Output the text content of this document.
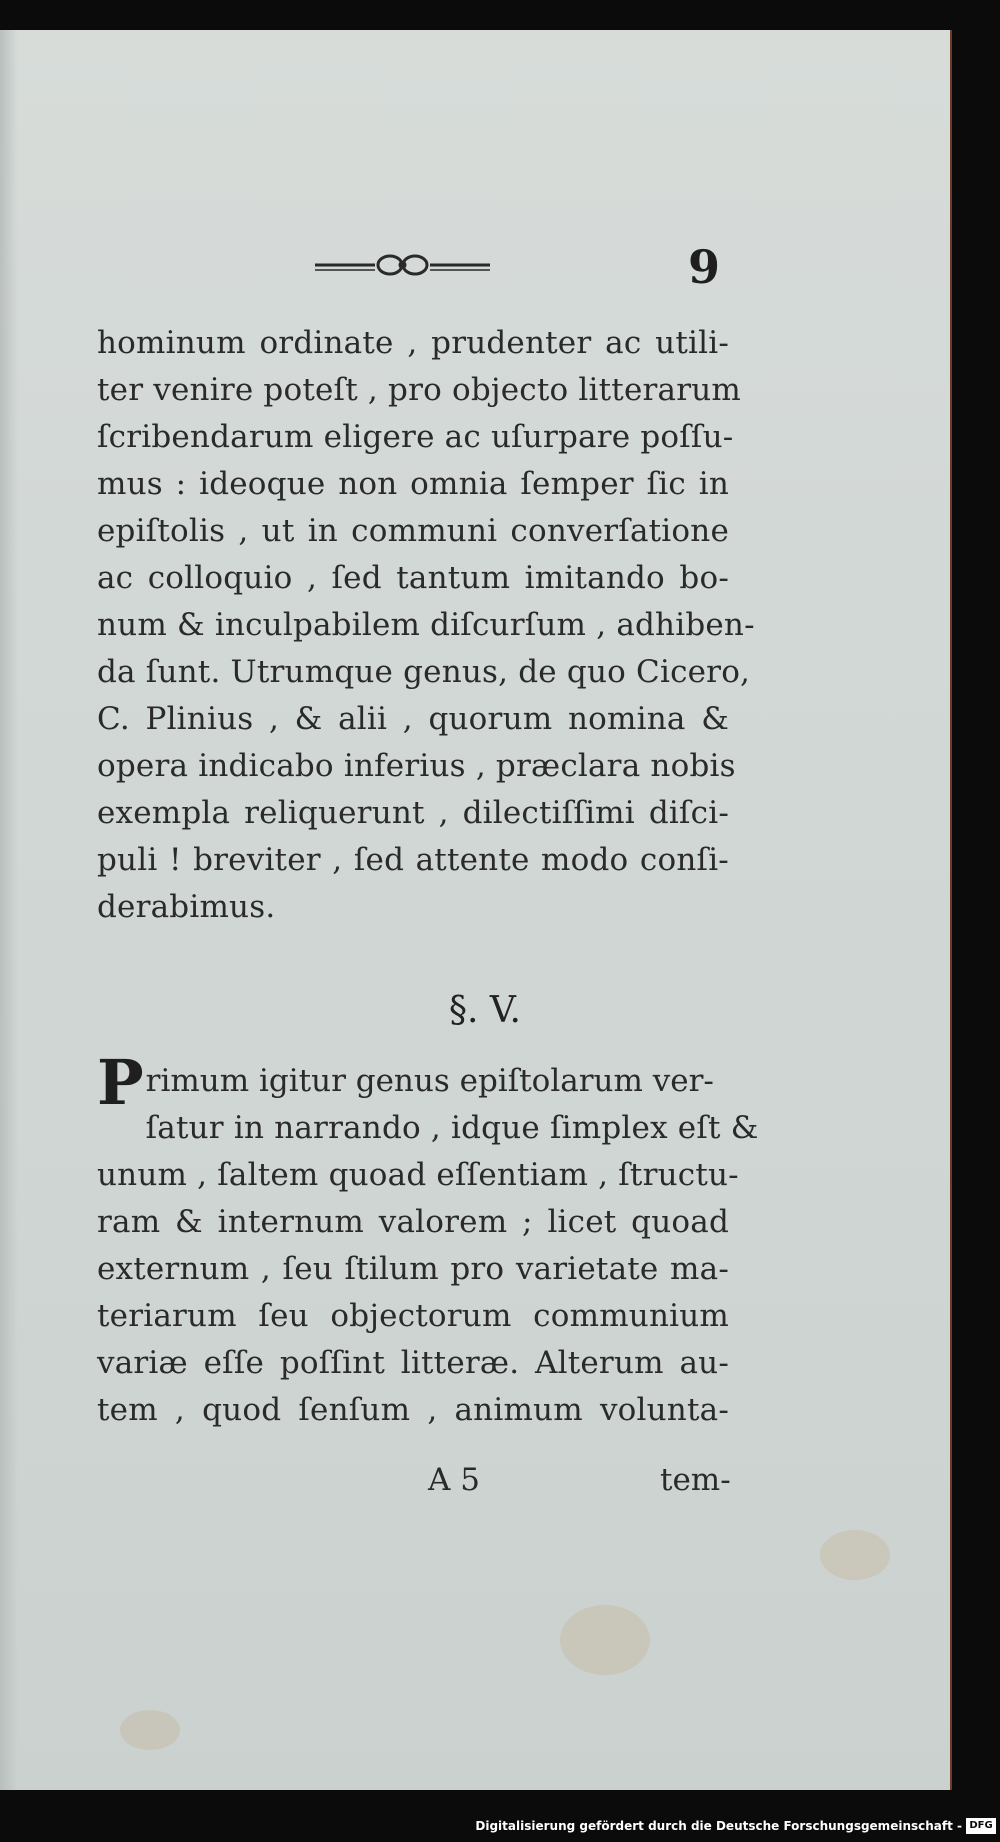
9
hominum ordinate , prudenter ac utili-
ter venire poteſt , pro objecto litterarum
ſcribendarum eligere ac uſurpare poſſu-
mus : ideoque non omnia ſemper ſic in
epiſtolis , ut in communi converſatione
ac colloquio , ſed tantum imitando bo-
num & inculpabilem diſcurſum , adhiben-
da ſunt. Utrumque genus, de quo Cicero,
C. Plinius , & alii , quorum nomina &
opera indicabo inferius , præclara nobis
exempla reliquerunt , dilectiſſimi diſci-
puli ! breviter , ſed attente modo conſi-
derabimus.
§. V.
P rimum igitur genus epiſtolarum ver-
ſatur in narrando , idque ſimplex eſt &
unum , ſaltem quoad eſſentiam , ſtructu-
ram & internum valorem ; licet quoad
externum , ſeu ſtilum pro varietate ma-
teriarum ſeu objectorum communium
variæ eſſe poſſint litteræ. Alterum au-
tem , quod ſenſum , animum volunta-
A 5	tem-
Digitalisierung gefördert durch die Deutsche Forschungsgemeinschaft - DFG
